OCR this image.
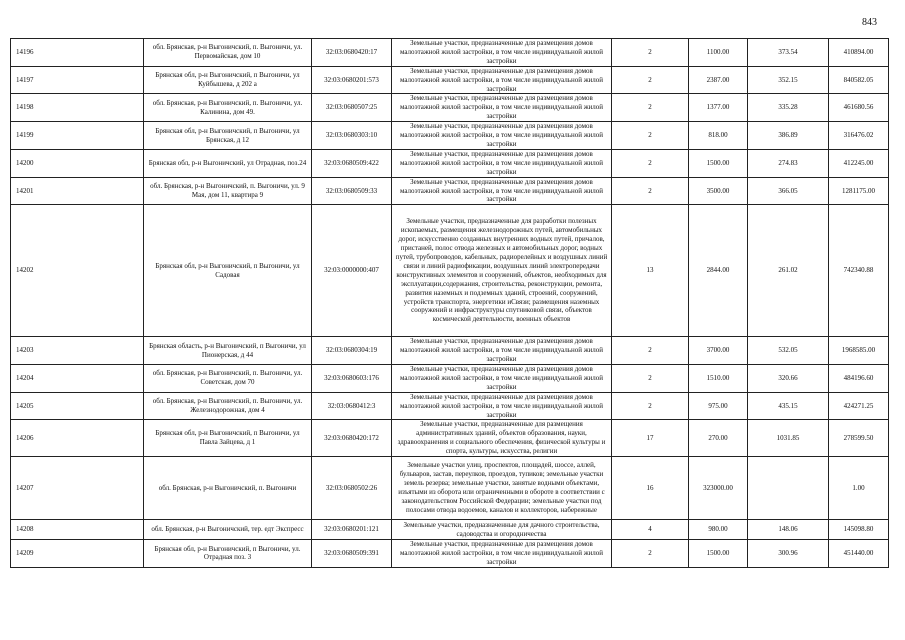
843
14196	обл. Брянская, р-н Выгоничский, п. Выгоничи, ул. Первомайская, дом 10	32:03:0680420:17	Земельные участки, предназначенные для размещения домов малоэтажной жилой застройки, в том числе индивидуальной жилой застройки	2	1100.00	373.54	410894.00
14197	Брянская обл, р-н Выгоничский, п Выгоничи, ул Куйбышева, д 202 а	32:03:0680201:573	Земельные участки, предназначенные для размещения домов малоэтажной жилой застройки, в том числе индивидуальной жилой застройки	2	2387.00	352.15	840582.05
14198	обл. Брянская, р-н Выгоничский, п. Выгоничи, ул. Калинина, дом 49.	32:03:0680507:25	Земельные участки, предназначенные для размещения домов малоэтажной жилой застройки, в том числе индивидуальной жилой застройки	2	1377.00	335.28	461680.56
14199	Брянская обл, р-н Выгоничский, п Выгоничи, ул Брянская, д 12	32:03:0680303:10	Земельные участки, предназначенные для размещения домов малоэтажной жилой застройки, в том числе индивидуальной жилой застройки	2	818.00	386.89	316476.02
14200	Брянская обл, р-н Выгоничский, ул Отрадная, поз.24	32:03:0680509:422	Земельные участки, предназначенные для размещения домов малоэтажной жилой застройки, в том числе индивидуальной жилой застройки	2	1500.00	274.83	412245.00
14201	обл. Брянская, р-н Выгоничский, п. Выгоничи, ул. 9 Мая, дом 11, квартира 9	32:03:0680509:33	Земельные участки, предназначенные для размещения домов малоэтажной жилой застройки, в том числе индивидуальной жилой застройки	2	3500.00	366.05	1281175.00
14202	Брянская обл, р-н Выгоничский, п Выгоничи, ул Садовая	32:03:0000000:407	Земельные участки, предназначенные для разработки полезных ископаемых, размещения железнодорожных путей, автомобильных дорог, искусственно созданных внутренних водных путей, причалов, пристаней, полос отвода железных и автомобильных дорог, водных путей, трубопроводов, кабельных, радиорелейных и воздушных линий связи и линий радиофикации, воздушных линий электропередачи конструктивных элементов и сооружений, объектов, необходимых для эксплуатации,содержания, строительства, реконструкции, ремонта, развития наземных и подземных зданий, строений, сооружений, устройств транспорта, энергетики иСвязи; размещения наземных сооружений и инфраструктуры спутниковой связи, объектов космической деятельности, военных объектов	13	2844.00	261.02	742340.88
14203	Брянская область, р-н Выгоничский, п Выгоничи, ул Пионерская, д 44	32:03:0680304:19	Земельные участки, предназначенные для размещения домов малоэтажной жилой застройки, в том числе индивидуальной жилой застройки	2	3700.00	532.05	1968585.00
14204	обл. Брянская, р-н Выгоничский, п. Выгоничи, ул. Советская, дом 70	32:03:0680603:176	Земельные участки, предназначенные для размещения домов малоэтажной жилой застройки, в том числе индивидуальной жилой застройки	2	1510.00	320.66	484196.60
14205	обл. Брянская, р-н Выгоничский, п. Выгоничи, ул. Железнодорожная, дом 4	32:03:0680412:3	Земельные участки, предназначенные для размещения домов малоэтажной жилой застройки, в том числе индивидуальной жилой застройки	2	975.00	435.15	424271.25
14206	Брянская обл, р-н Выгоничский, п Выгоничи, ул Павла Зайцева, д 1	32:03:0680420:172	Земельные участки, предназначенные для размещения административных зданий, объектов образования, науки, здравоохранения и социального обеспечения, физической культуры и спорта, культуры, искусства, религии	17	270.00	1031.85	278599.50
14207	обл. Брянская, р-н Выгоничский, п. Выгоничи	32:03:0680502:26	Земельные участки улиц, проспектов, площадей, шоссе, аллей, бульваров, застав, переулков, проездов, тупиков; земельные участки земель резерва; земельные участки, занятые водными объектами, изъятыми из оборота или ограниченными в обороте в соответствии с законодательством Российской Федерации; земельные участки под полосами отвода водоемов, каналов и коллекторов, набережные	16	323000.00		1.00
14208	обл. Брянская, р-н Выгоничский, тер. едт Экспресс	32:03:0680201:121	Земельные участки, предназначенные для дачного строительства, садоводства и огородничества	4	980.00	148.06	145098.80
14209	Брянская обл, р-н Выгоничский, п Выгоничи, ул. Отрадная поз. 3	32:03:0680509:391	Земельные участки, предназначенные для размещения домов малоэтажной жилой застройки, в том числе индивидуальной жилой застройки	2	1500.00	300.96	451440.00
